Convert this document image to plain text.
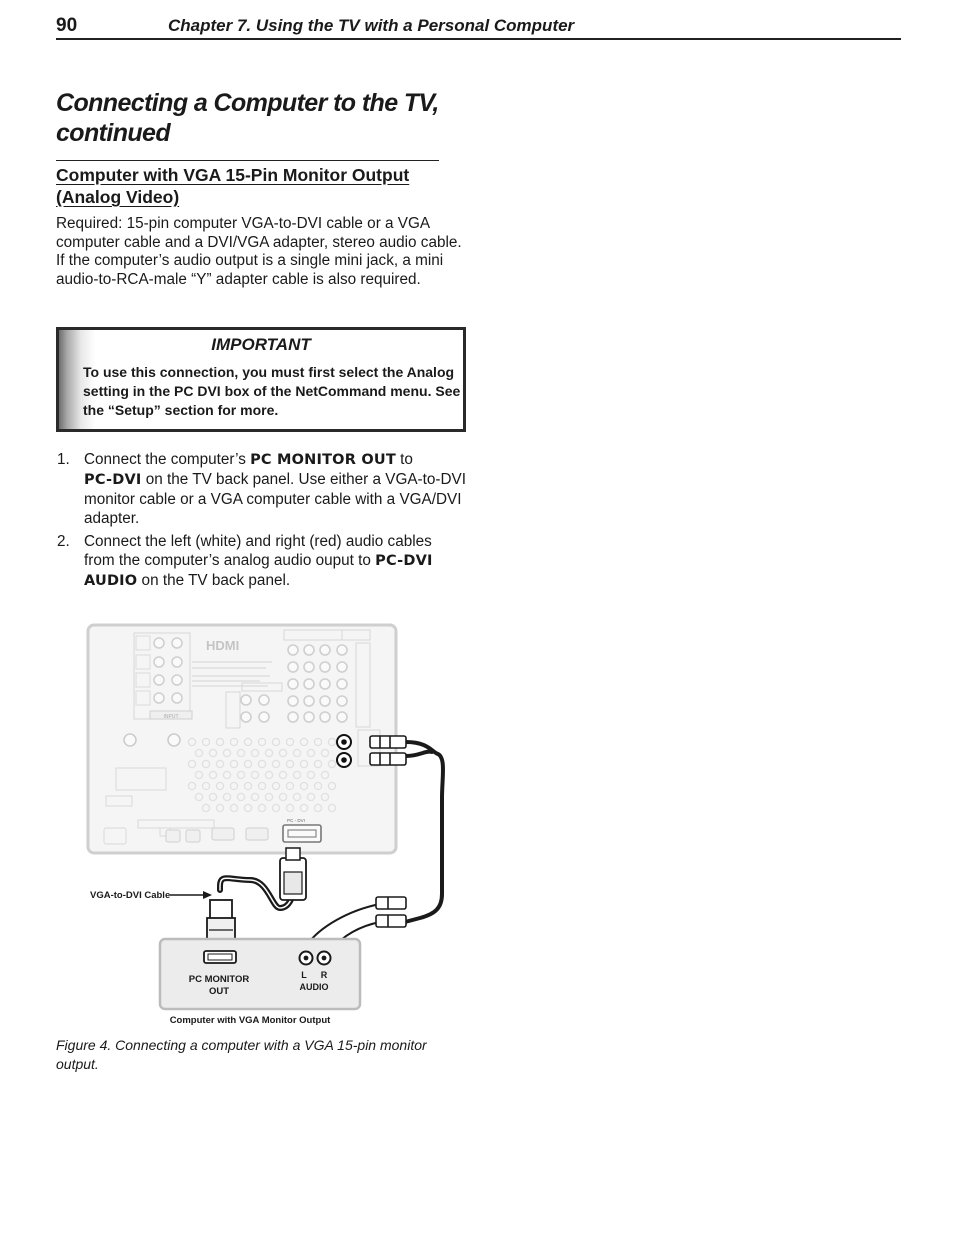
90	Chapter 7. Using the TV with a Personal Computer
Connecting a Computer to the TV, continued
Computer with VGA 15-Pin Monitor Output (Analog Video)

Required: 15-pin computer VGA-to-DVI cable or a VGA computer cable and a DVI/VGA adapter, stereo audio cable.

If the computer’s audio output is a single mini jack, a mini audio-to-RCA-male “Y” adapter cable is also required.

IMPORTANT

To use this connection, you must first select the Analog setting in the PC DVI box of the NetCommand menu. See the “Setup” section for more.

1. Connect the computer’s PC MONITOR OUT to
PC-DVI on the TV back panel. Use either a VGA-to-DVI monitor cable or a VGA computer cable with a VGA/DVI adapter.
2. Connect the left (white) and right (red) audio cables from the computer’s analog audio ouput to PC-DVI AUDIO on the TV back panel.
INPUT
HDMI
PC - DVI
VGA-to-DVI Cable
PC MONITOR
OUT
L R
AUDIO
Computer with VGA Monitor Output

Figure 4. Connecting a computer with a VGA 15-pin monitor output.
